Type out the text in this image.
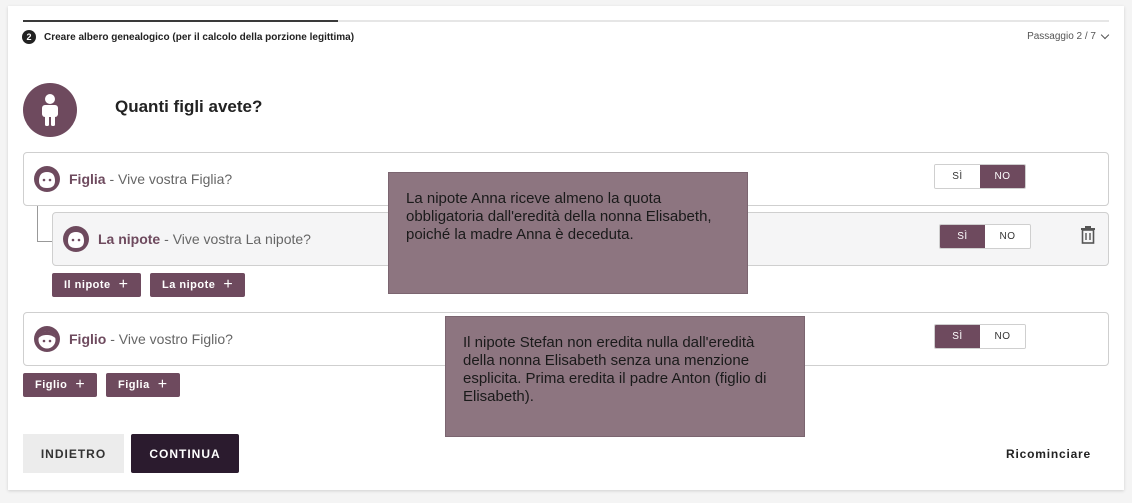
2	Creare albero genealogico (per il calcolo della porzione legittima)	Passaggio 2 / 7
Quanti figli avete?
Figlia - Vive vostra Figlia?	SÌ	NO
La nipote - Vive vostra La nipote?	SÌ	NO
Il nipote +	La nipote +
Figlio - Vive vostro Figlio?	SÌ	NO
Figlio +	Figlia +
La nipote Anna riceve almeno la quota obbligatoria dall'eredità della nonna Elisabeth, poiché la madre Anna è deceduta.
Il nipote Stefan non eredita nulla dall'eredità della nonna Elisabeth senza una menzione esplicita. Prima eredita il padre Anton (figlio di Elisabeth).
INDIETRO	CONTINUA	Ricominciare
